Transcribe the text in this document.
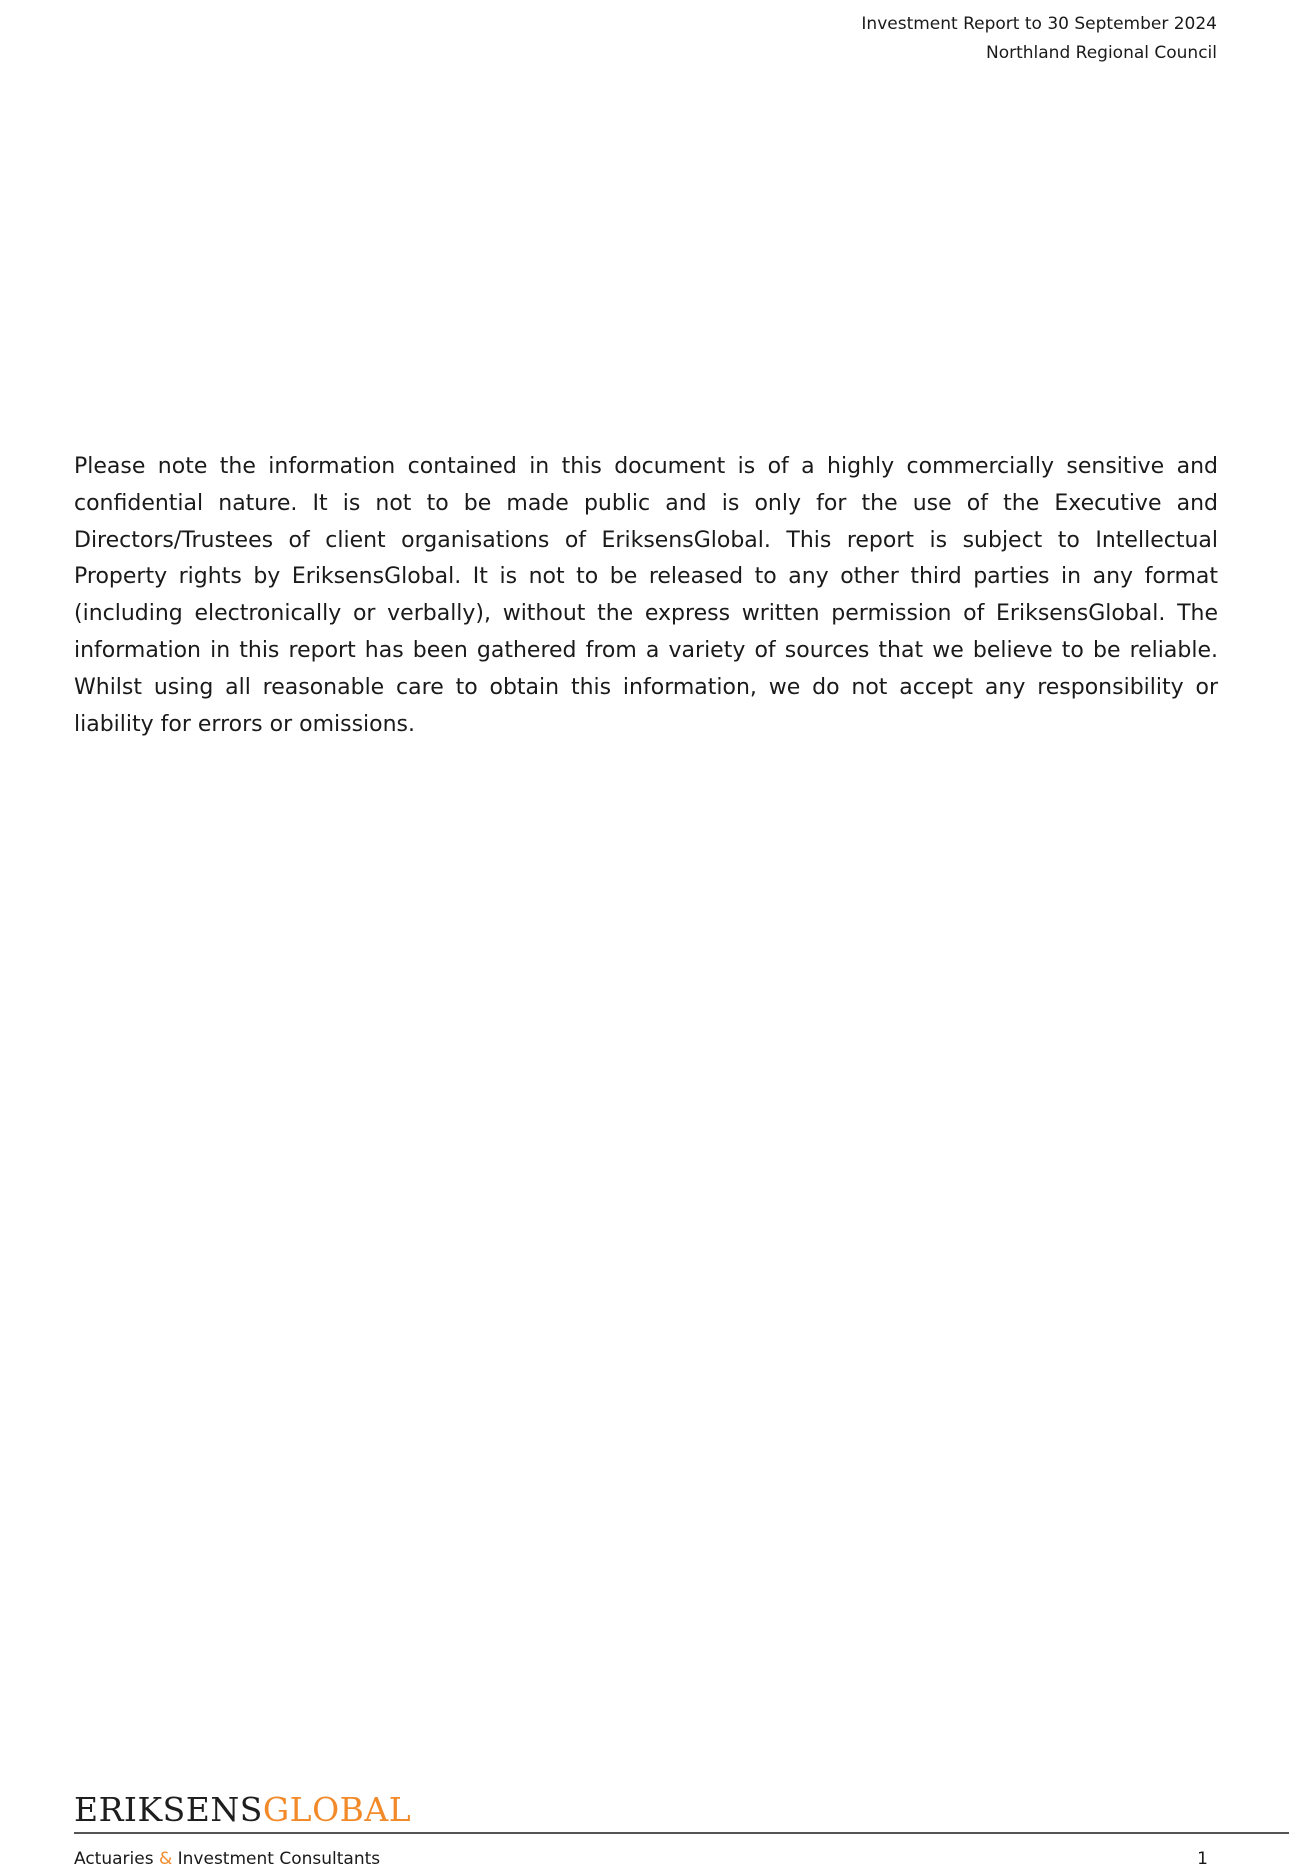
Investment Report to 30 September 2024
Northland Regional Council

Please note the information contained in this document is of a highly commercially sensitive and confidential nature. It is not to be made public and is only for the use of the Executive and Directors/Trustees of client organisations of EriksensGlobal. This report is subject to Intellectual Property rights by EriksensGlobal. It is not to be released to any other third parties in any format (including electronically or verbally), without the express written permission of EriksensGlobal. The information in this report has been gathered from a variety of sources that we believe to be reliable. Whilst using all reasonable care to obtain this information, we do not accept any responsibility or liability for errors or omissions.

ERIKSENSGLOBAL
Actuaries & Investment Consultants	1
